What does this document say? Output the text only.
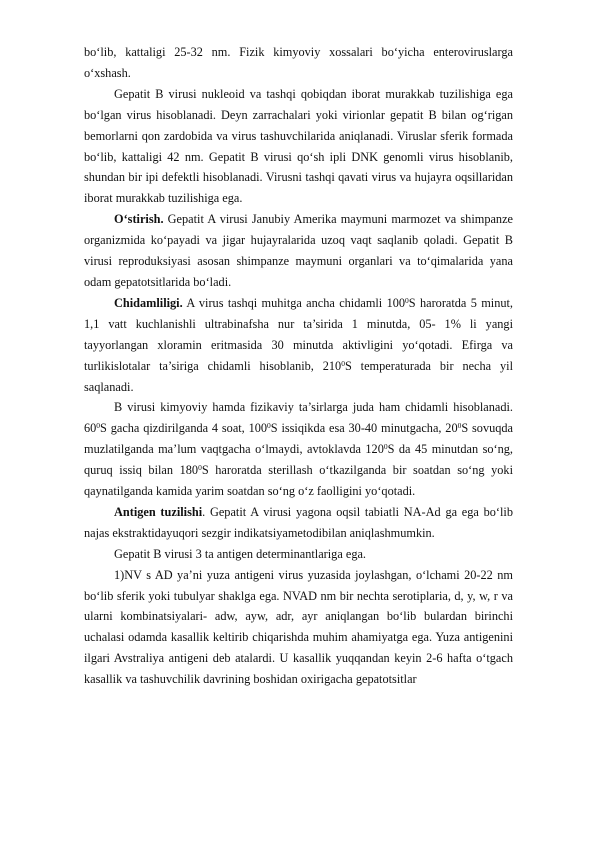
bo‘lib, kattaligi 25-32 nm. Fizik kimyoviy xossalari bo‘yicha enteroviruslarga o‘xshash.

Gepatit B virusi nukleoid va tashqi qobiqdan iborat murakkab tuzilishiga ega bo‘lgan virus hisoblanadi. Deyn zarrachalari yoki virionlar gepatit B bilan og‘rigan bemorlarni qon zardobida va virus tashuvchilarida aniqlanadi. Viruslar sferik formada bo‘lib, kattaligi 42 nm. Gepatit B virusi qo‘sh ipli DNK genomli virus hisoblanib, shundan bir ipi defektli hisoblanadi. Virusni tashqi qavati virus va hujayra oqsillaridan iborat murakkab tuzilishiga ega.

O‘stirish. Gepatit A virusi Janubiy Amerika maymuni marmozet va shimpanze organizmida ko‘payadi va jigar hujayralarida uzoq vaqt saqlanib qoladi. Gepatit B virusi reproduksiyasi asosan shimpanze maymuni organlari va to‘qimalarida yana odam gepatotsitlarida bo‘ladi.

Chidamliligi. A virus tashqi muhitga ancha chidamli $100^0S$ haroratda 5 minut, 1,1 vatt kuchlanishli ultrabinafsha nur ta’sirida 1 minutda, 05- 1% li yangi tayyorlangan xloramin eritmasida 30 minutda aktivligini yo‘qotadi. Efirga va turlikislotalar ta’siriga chidamli hisoblanib, $210^0S$ temperaturada bir necha yil saqlanadi.

B virusi kimyoviy hamda fizikaviy ta’sirlarga juda ham chidamli hisoblanadi. $60^0S$ gacha qizdirilganda 4 soat, $100^0S$ issiqikda esa 30-40 minutgacha, $20^0S$ sovuqda muzlatilganda ma’lum vaqtgacha o‘lmaydi, avtoklavda $120^0S$ da 45 minutdan so‘ng, quruq issiq bilan $180^0S$ haroratda sterillash o‘tkazilganda bir soatdan so‘ng yoki qaynatilganda kamida yarim soatdan so‘ng o‘z faolligini yo‘qotadi.

Antigen tuzilishi. Gepatit A virusi yagona oqsil tabiatli NA-Ad ga ega bo‘lib najas ekstraktidayuqori sezgir indikatsiyametodibilan aniqlashmumkin.

Gepatit B virusi 3 ta antigen determinantlariga ega.

1)NV s AD ya’ni yuza antigeni virus yuzasida joylashgan, o‘lchami 20-22 nm bo‘lib sferik yoki tubulyar shaklga ega. NVAD nm bir nechta serotiplaria, d, y, w, r va ularni kombinatsiyalari- adw, ayw, adr, ayr aniqlangan bo‘lib bulardan birinchi uchalasi odamda kasallik keltirib chiqarishda muhim ahamiyatga ega. Yuza antigenini ilgari Avstraliya antigeni deb atalardi. U kasallik yuqqandan keyin 2-6 hafta o‘tgach kasallik va tashuvchilik davrining boshidan oxirigacha gepatotsitlar
